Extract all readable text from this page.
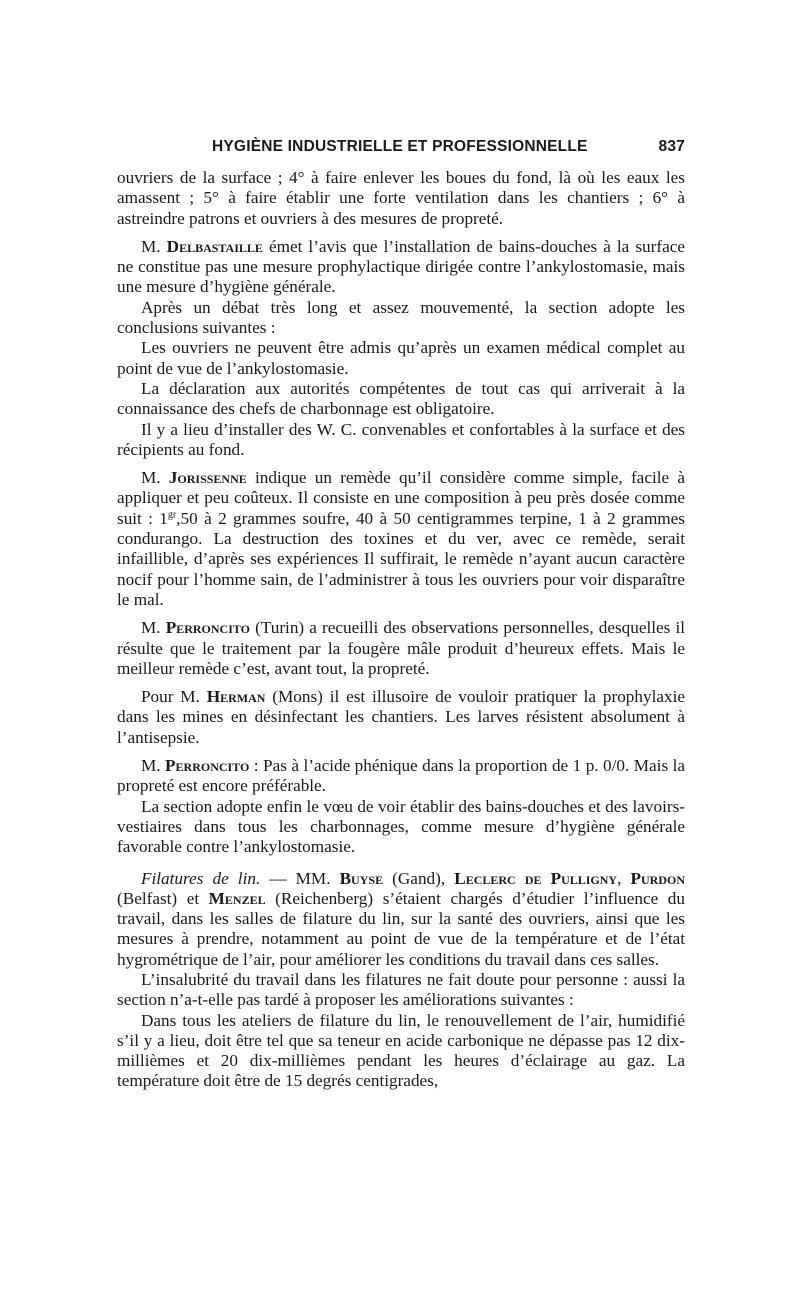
HYGIÈNE INDUSTRIELLE ET PROFESSIONNELLE	837

ouvriers de la surface ; 4° à faire enlever les boues du fond, là où les eaux les amassent ; 5° à faire établir une forte ventilation dans les chantiers ; 6° à astreindre patrons et ouvriers à des mesures de propreté.

M. Delbastaille émet l’avis que l’installation de bains-douches à la surface ne constitue pas une mesure prophylactique dirigée contre l’ankylostomasie, mais une mesure d’hygiène générale.

Après un débat très long et assez mouvementé, la section adopte les conclusions suivantes :

Les ouvriers ne peuvent être admis qu’après un examen médical complet au point de vue de l’ankylostomasie.

La déclaration aux autorités compétentes de tout cas qui arriverait à la connaissance des chefs de charbonnage est obligatoire.

Il y a lieu d’installer des W. C. convenables et confortables à la surface et des récipients au fond.

M. Jorissenne indique un remède qu’il considère comme simple, facile à appliquer et peu coûteux. Il consiste en une composition à peu près dosée comme suit : $1^{gr},50$ à 2 grammes soufre, 40 à 50 centigrammes terpine, 1 à 2 grammes condurango. La destruction des toxines et du ver, avec ce remède, serait infaillible, d’après ses expériences Il suffirait, le remède n’ayant aucun caractère nocif pour l’homme sain, de l’administrer à tous les ouvriers pour voir disparaître le mal.

M. Perroncito (Turin) a recueilli des observations personnelles, desquelles il résulte que le traitement par la fougère mâle produit d’heureux effets. Mais le meilleur remède c’est, avant tout, la propreté.

Pour M. Herman (Mons) il est illusoire de vouloir pratiquer la prophylaxie dans les mines en désinfectant les chantiers. Les larves résistent absolument à l’antisepsie.

M. Perroncito : Pas à l’acide phénique dans la proportion de 1 p. 0/0. Mais la propreté est encore préférable.

La section adopte enfin le vœu de voir établir des bains-douches et des lavoirs-vestiaires dans tous les charbonnages, comme mesure d’hygiène générale favorable contre l’ankylostomasie.

Filatures de lin. — MM. Buyse (Gand), Leclerc de Pulligny, Purdon (Belfast) et Menzel (Reichenberg) s’étaient chargés d’étudier l’influence du travail, dans les salles de filature du lin, sur la santé des ouvriers, ainsi que les mesures à prendre, notamment au point de vue de la température et de l’état hygrométrique de l’air, pour améliorer les conditions du travail dans ces salles.

L’insalubrité du travail dans les filatures ne fait doute pour personne : aussi la section n’a-t-elle pas tardé à proposer les améliorations suivantes :

Dans tous les ateliers de filature du lin, le renouvellement de l’air, humidifié s’il y a lieu, doit être tel que sa teneur en acide carbonique ne dépasse pas 12 dix-millièmes et 20 dix-millièmes pendant les heures d’éclairage au gaz. La température doit être de 15 degrés centigrades,
